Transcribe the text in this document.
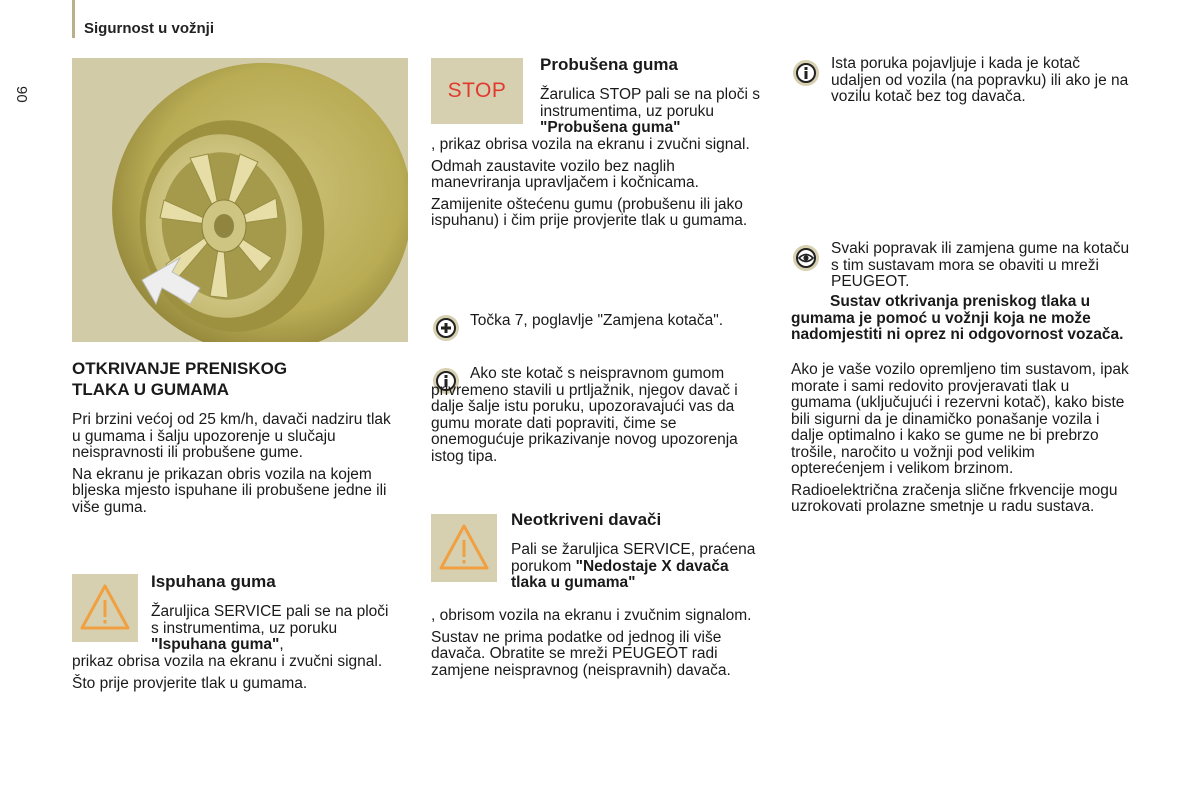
Sigurnost u vožnji
90
OTKRIVANJE PRENISKOG
TLAKA U GUMAMA

Pri brzini većoj od 25 km/h, davači nadziru tlak u gumama i šalju upozorenje u slučaju neispravnosti ili probušene gume.

Na ekranu je prikazan obris vozila na kojem bljeska mjesto ispuhane ili probušene jedne ili više guma.

Ispuhana guma
Žaruljica SERVICE pali se na ploči s instrumentima, uz poruku "Ispuhana guma",

prikaz obrisa vozila na ekranu i zvučni signal.

Što prije provjerite tlak u gumama.

STOP
Probušena guma
Žarulica STOP pali se na ploči s instrumentima, uz poruku "Probušena guma"

, prikaz obrisa vozila na ekranu i zvučni signal.

Odmah zaustavite vozilo bez naglih manevriranja upravljačem i kočnicama.

Zamijenite oštećenu gumu (probušenu ili jako ispuhanu) i čim prije provjerite tlak u gumama.

Točka 7, poglavlje "Zamjena kotača".
Ako ste kotač s neispravnom gumom privremeno stavili u prtljažnik, njegov davač i dalje šalje istu poruku, upozoravajući vas da gumu morate dati popraviti, čime se onemogućuje prikazivanje novog upozorenja istog tipa.
Neotkriveni davači
Pali se žaruljica SERVICE, praćena porukom "Nedostaje X davača tlaka u gumama"

, obrisom vozila na ekranu i zvučnim signalom.

Sustav ne prima podatke od jednog ili više davača. Obratite se mreži PEUGEOT radi zamjene neispravnog (neispravnih) davača.

Ista poruka pojavljuje i kada je kotač udaljen od vozila (na popravku) ili ako je na vozilu kotač bez tog davača.
Svaki popravak ili zamjena gume na kotaču s tim sustavam mora se obaviti u mreži PEUGEOT.
Sustav otkrivanja preniskog tlaka u gumama je pomoć u vožnji koja ne može nadomjestiti ni oprez ni odgovornost vozača.

Ako je vaše vozilo opremljeno tim sustavom, ipak morate i sami redovito provjeravati tlak u gumama (uključujući i rezervni kotač), kako biste bili sigurni da je dinamičko ponašanje vozila i dalje optimalno i kako se gume ne bi prebrzo trošile, naročito u vožnji pod velikim opterećenjem i velikom brzinom.

Radioelektrična zračenja slične frkvencije mogu uzrokovati prolazne smetnje u radu sustava.
